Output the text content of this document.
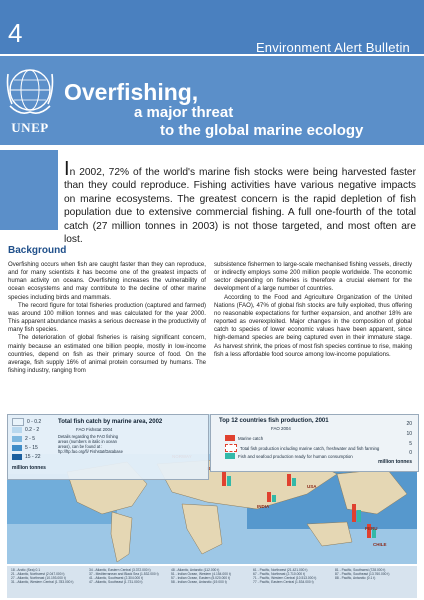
4	Environment Alert Bulletin
UNEP
Overfishing,
a major threat
to the global marine ecology
In 2002, 72% of the world's marine fish stocks were being harvested faster than they could reproduce. Fishing activities have various negative impacts on marine ecosystems. The greatest concern is the rapid depletion of fish population due to extensive commercial fishing. A full one-fourth of the total catch (27 million tonnes in 2003) is not those targeted, and most often are lost.
Background

Overfishing occurs when fish are caught faster than they can reproduce, and for many scientists it has become one of the greatest impacts of human activity on oceans. Overfishing increases the vulnerability of ocean ecosystems and may contribute to the decline of other marine species including birds and mammals.

The record figure for total fisheries production (captured and farmed) was around 100 million tonnes and was calculated for the year 2000. This apparent abundance masks a serious decrease in the productivity of many fish species.

The deterioration of global fisheries is raising significant concern, mainly because an estimated one billion people, mostly in low-income countries, depend on fish as their primary source of food. On the average, fish supply 16% of animal protein consumed by humans. The fishing industry, ranging from

subsistence fishermen to large-scale mechanised fishing vessels, directly or indirectly employs some 200 million people worldwide. The economic sector depending on fisheries is therefore a crucial element for the development of a large number of countries.

According to the Food and Agriculture Organization of the United Nations (FAO), 47% of global fish stocks are fully exploited, thus offering no reasonable expectations for further expansion, and another 18% are reported as overexploited. Major changes in the composition of global catch to species of lower economic values have been apparent, since high-demand species are being captured even in their immature stage. As harvest shrink, the prices of most fish species continue to rise, making fish a less affordable food source among low-income populations.

USA
PERU
CHILE
INDIA
0 - 0.2
0.2 - 2
2 - 5
5 - 15
15 - 22
million tonnes
Total fish catch by marine area, 2002
FAO Fishstat 2004
Details regarding the FAO fishing areas (numbers in italic in ocean areas), can be found at : ftp://ftp.fao.org/fi/ Fishstat/Database
Top 12 countries fish production, 2001
FAO 2004
Marine catch
Total fish production including marine catch, freshwater and fish farming
Fish and seafood production ready for human consumption
20
10
5
0
million tonnes
18 - Arctic (Sea) 0.1
21 - Atlantic, Northwest (2.047.000 t)
27 - Atlantic, Northeast (10.193.000 t)
31 - Atlantic, Western Central (1.783.000 t)
34 - Atlantic, Eastern Central (3.372.000 t)
37 - Mediterranean and Black Sea (1.532.000 t)
41 - Atlantic, Southwest (2.304.000 t)
47 - Atlantic, Southeast (1.731.000 t)
48 - Atlantic, Antarctic (112.000 t)
51 - Indian Ocean, Western (4.154.000 t)
57 - Indian Ocean, Eastern (5.020.000 t)
58 - Indian Ocean, Antarctic (19.000 t)
61 - Pacific, Northwest (21.421.000 t)
67 - Pacific, Northeast (2.710.000 t)
71 - Pacific, Western Central (10.513.000 t)
77 - Pacific, Eastern Central (1.534.000 t)
81 - Pacific, Southwest (728.000 t)
87 - Pacific, Southeast (13.760.000 t)
88 - Pacific, Antarctic (0.1 t)
